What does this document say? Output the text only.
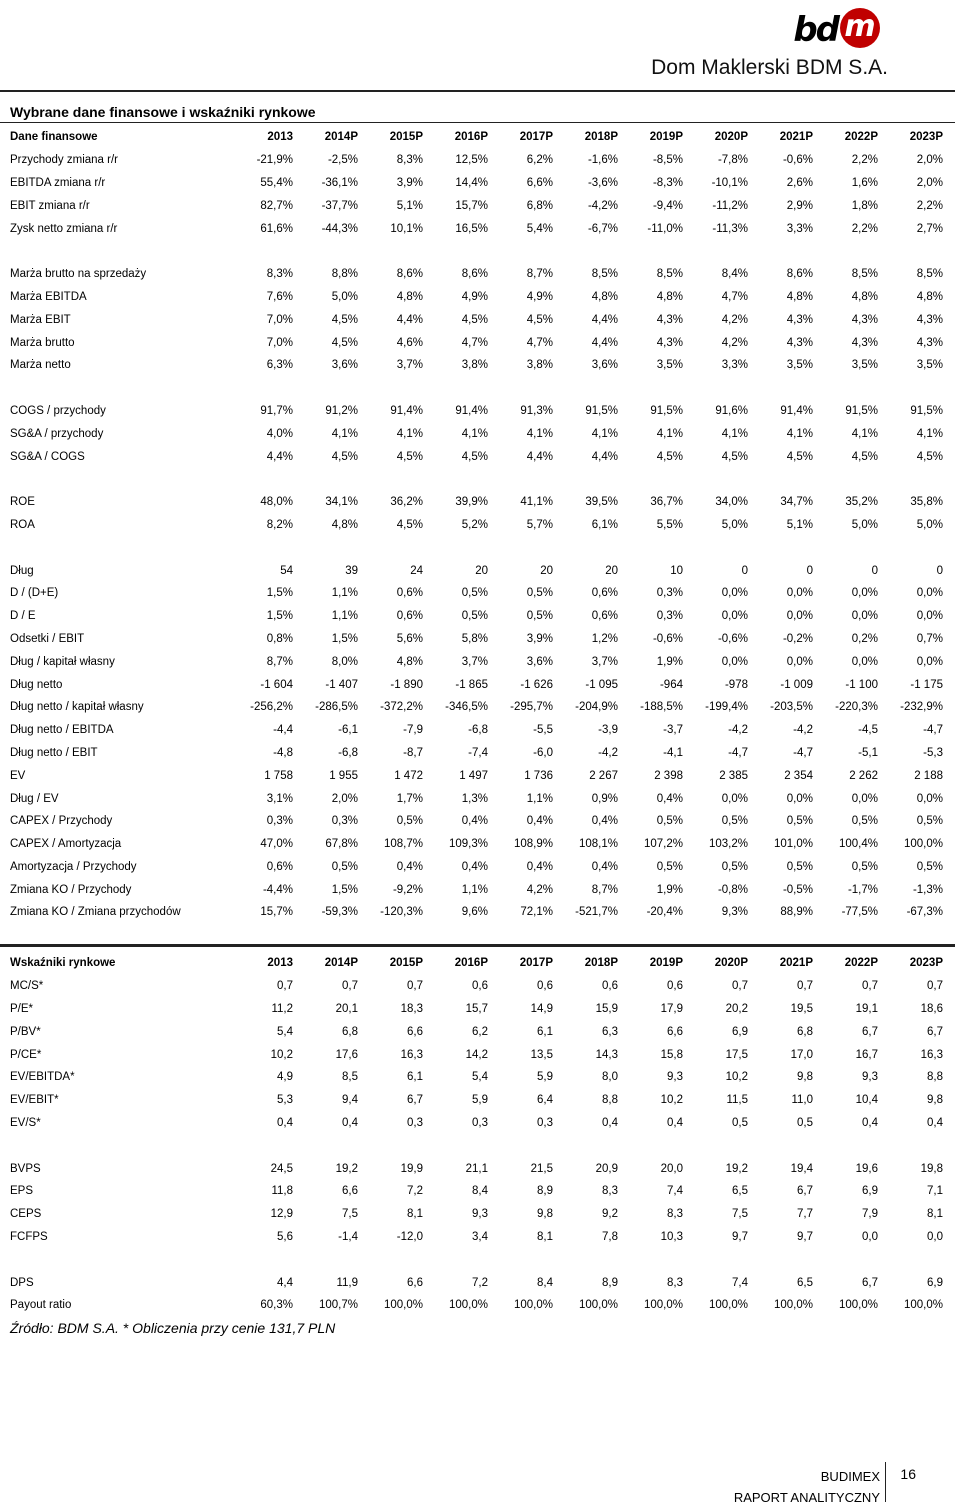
bd m
Dom Maklerski BDM S.A.
Wybrane dane finansowe i wskaźniki rynkowe
Dane finansowe	2013	2014P	2015P	2016P	2017P	2018P	2019P	2020P	2021P	2022P	2023P
Przychody zmiana r/r	-21,9%	-2,5%	8,3%	12,5%	6,2%	-1,6%	-8,5%	-7,8%	-0,6%	2,2%	2,0%
EBITDA zmiana r/r	55,4%	-36,1%	3,9%	14,4%	6,6%	-3,6%	-8,3%	-10,1%	2,6%	1,6%	2,0%
EBIT zmiana r/r	82,7%	-37,7%	5,1%	15,7%	6,8%	-4,2%	-9,4%	-11,2%	2,9%	1,8%	2,2%
Zysk netto zmiana r/r	61,6%	-44,3%	10,1%	16,5%	5,4%	-6,7%	-11,0%	-11,3%	3,3%	2,2%	2,7%

Marża brutto na sprzedaży	8,3%	8,8%	8,6%	8,6%	8,7%	8,5%	8,5%	8,4%	8,6%	8,5%	8,5%
Marża EBITDA	7,6%	5,0%	4,8%	4,9%	4,9%	4,8%	4,8%	4,7%	4,8%	4,8%	4,8%
Marża EBIT	7,0%	4,5%	4,4%	4,5%	4,5%	4,4%	4,3%	4,2%	4,3%	4,3%	4,3%
Marża brutto	7,0%	4,5%	4,6%	4,7%	4,7%	4,4%	4,3%	4,2%	4,3%	4,3%	4,3%
Marża netto	6,3%	3,6%	3,7%	3,8%	3,8%	3,6%	3,5%	3,3%	3,5%	3,5%	3,5%

COGS / przychody	91,7%	91,2%	91,4%	91,4%	91,3%	91,5%	91,5%	91,6%	91,4%	91,5%	91,5%
SG&A / przychody	4,0%	4,1%	4,1%	4,1%	4,1%	4,1%	4,1%	4,1%	4,1%	4,1%	4,1%
SG&A / COGS	4,4%	4,5%	4,5%	4,5%	4,4%	4,4%	4,5%	4,5%	4,5%	4,5%	4,5%

ROE	48,0%	34,1%	36,2%	39,9%	41,1%	39,5%	36,7%	34,0%	34,7%	35,2%	35,8%
ROA	8,2%	4,8%	4,5%	5,2%	5,7%	6,1%	5,5%	5,0%	5,1%	5,0%	5,0%

Dług	54	39	24	20	20	20	10	0	0	0	0
D / (D+E)	1,5%	1,1%	0,6%	0,5%	0,5%	0,6%	0,3%	0,0%	0,0%	0,0%	0,0%
D / E	1,5%	1,1%	0,6%	0,5%	0,5%	0,6%	0,3%	0,0%	0,0%	0,0%	0,0%
Odsetki / EBIT	0,8%	1,5%	5,6%	5,8%	3,9%	1,2%	-0,6%	-0,6%	-0,2%	0,2%	0,7%
Dług / kapitał własny	8,7%	8,0%	4,8%	3,7%	3,6%	3,7%	1,9%	0,0%	0,0%	0,0%	0,0%
Dług netto	-1 604	-1 407	-1 890	-1 865	-1 626	-1 095	-964	-978	-1 009	-1 100	-1 175
Dług netto / kapitał własny	-256,2%	-286,5%	-372,2%	-346,5%	-295,7%	-204,9%	-188,5%	-199,4%	-203,5%	-220,3%	-232,9%
Dług netto / EBITDA	-4,4	-6,1	-7,9	-6,8	-5,5	-3,9	-3,7	-4,2	-4,2	-4,5	-4,7
Dług netto / EBIT	-4,8	-6,8	-8,7	-7,4	-6,0	-4,2	-4,1	-4,7	-4,7	-5,1	-5,3
EV	1 758	1 955	1 472	1 497	1 736	2 267	2 398	2 385	2 354	2 262	2 188
Dług / EV	3,1%	2,0%	1,7%	1,3%	1,1%	0,9%	0,4%	0,0%	0,0%	0,0%	0,0%
CAPEX / Przychody	0,3%	0,3%	0,5%	0,4%	0,4%	0,4%	0,5%	0,5%	0,5%	0,5%	0,5%
CAPEX / Amortyzacja	47,0%	67,8%	108,7%	109,3%	108,9%	108,1%	107,2%	103,2%	101,0%	100,4%	100,0%
Amortyzacja / Przychody	0,6%	0,5%	0,4%	0,4%	0,4%	0,4%	0,5%	0,5%	0,5%	0,5%	0,5%
Zmiana KO / Przychody	-4,4%	1,5%	-9,2%	1,1%	4,2%	8,7%	1,9%	-0,8%	-0,5%	-1,7%	-1,3%
Zmiana KO / Zmiana przychodów	15,7%	-59,3%	-120,3%	9,6%	72,1%	-521,7%	-20,4%	9,3%	88,9%	-77,5%	-67,3%
Wskaźniki rynkowe	2013	2014P	2015P	2016P	2017P	2018P	2019P	2020P	2021P	2022P	2023P
MC/S*	0,7	0,7	0,7	0,6	0,6	0,6	0,6	0,7	0,7	0,7	0,7
P/E*	11,2	20,1	18,3	15,7	14,9	15,9	17,9	20,2	19,5	19,1	18,6
P/BV*	5,4	6,8	6,6	6,2	6,1	6,3	6,6	6,9	6,8	6,7	6,7
P/CE*	10,2	17,6	16,3	14,2	13,5	14,3	15,8	17,5	17,0	16,7	16,3
EV/EBITDA*	4,9	8,5	6,1	5,4	5,9	8,0	9,3	10,2	9,8	9,3	8,8
EV/EBIT*	5,3	9,4	6,7	5,9	6,4	8,8	10,2	11,5	11,0	10,4	9,8
EV/S*	0,4	0,4	0,3	0,3	0,3	0,4	0,4	0,5	0,5	0,4	0,4

BVPS	24,5	19,2	19,9	21,1	21,5	20,9	20,0	19,2	19,4	19,6	19,8
EPS	11,8	6,6	7,2	8,4	8,9	8,3	7,4	6,5	6,7	6,9	7,1
CEPS	12,9	7,5	8,1	9,3	9,8	9,2	8,3	7,5	7,7	7,9	8,1
FCFPS	5,6	-1,4	-12,0	3,4	8,1	7,8	10,3	9,7	9,7	0,0	0,0

DPS	4,4	11,9	6,6	7,2	8,4	8,9	8,3	7,4	6,5	6,7	6,9
Payout ratio	60,3%	100,7%	100,0%	100,0%	100,0%	100,0%	100,0%	100,0%	100,0%	100,0%	100,0%
Źródło: BDM S.A. * Obliczenia przy cenie 131,7 PLN
BUDIMEX
RAPORT ANALITYCZNY
16
